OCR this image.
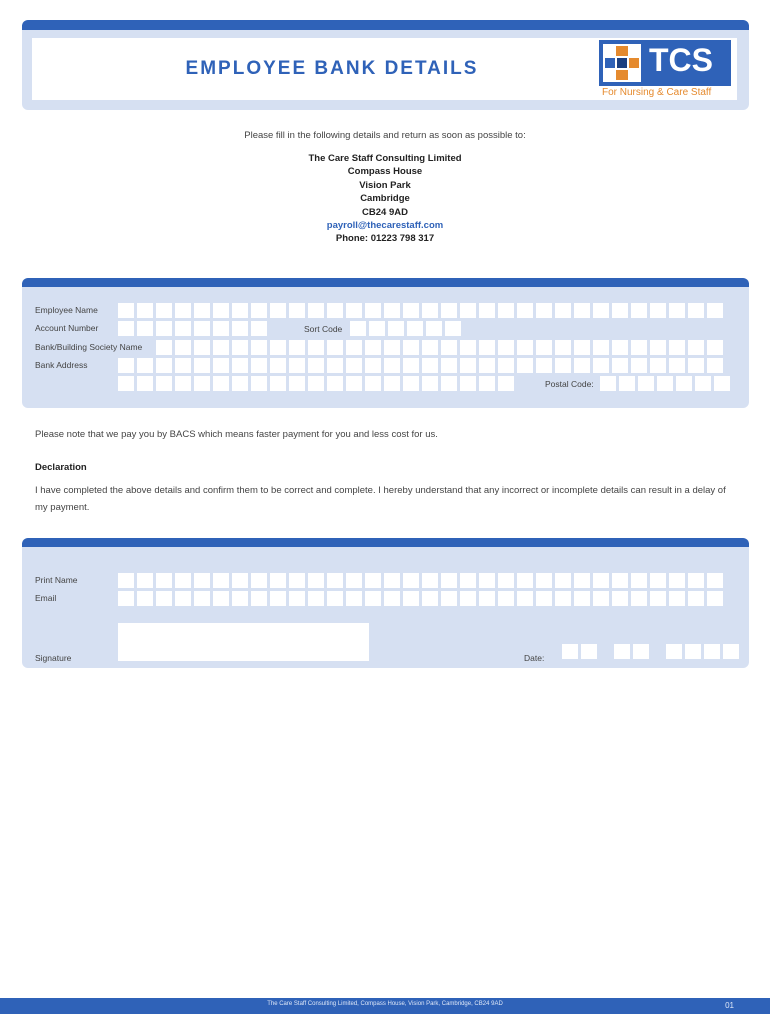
EMPLOYEE BANK DETAILS	TCS
For Nursing & Care Staff
Please fill in the following details and return as soon as possible to:
The Care Staff Consulting Limited
Compass House
Vision Park
Cambridge
CB24 9AD
payroll@thecarestaff.com
Phone: 01223 798 317
Employee Name
Account Number	Sort Code
Bank/Building Society Name
Bank Address
Postal Code:
Please note that we pay you by BACS which means faster payment for you and less cost for us.
Declaration
I have completed the above details and confirm them to be correct and complete. I hereby understand that any incorrect or incomplete details can result in a delay of my payment.
Print Name
Email
Signature	Date:
The Care Staff Consulting Limited, Compass House, Vision Park, Cambridge, CB24 9AD	01
